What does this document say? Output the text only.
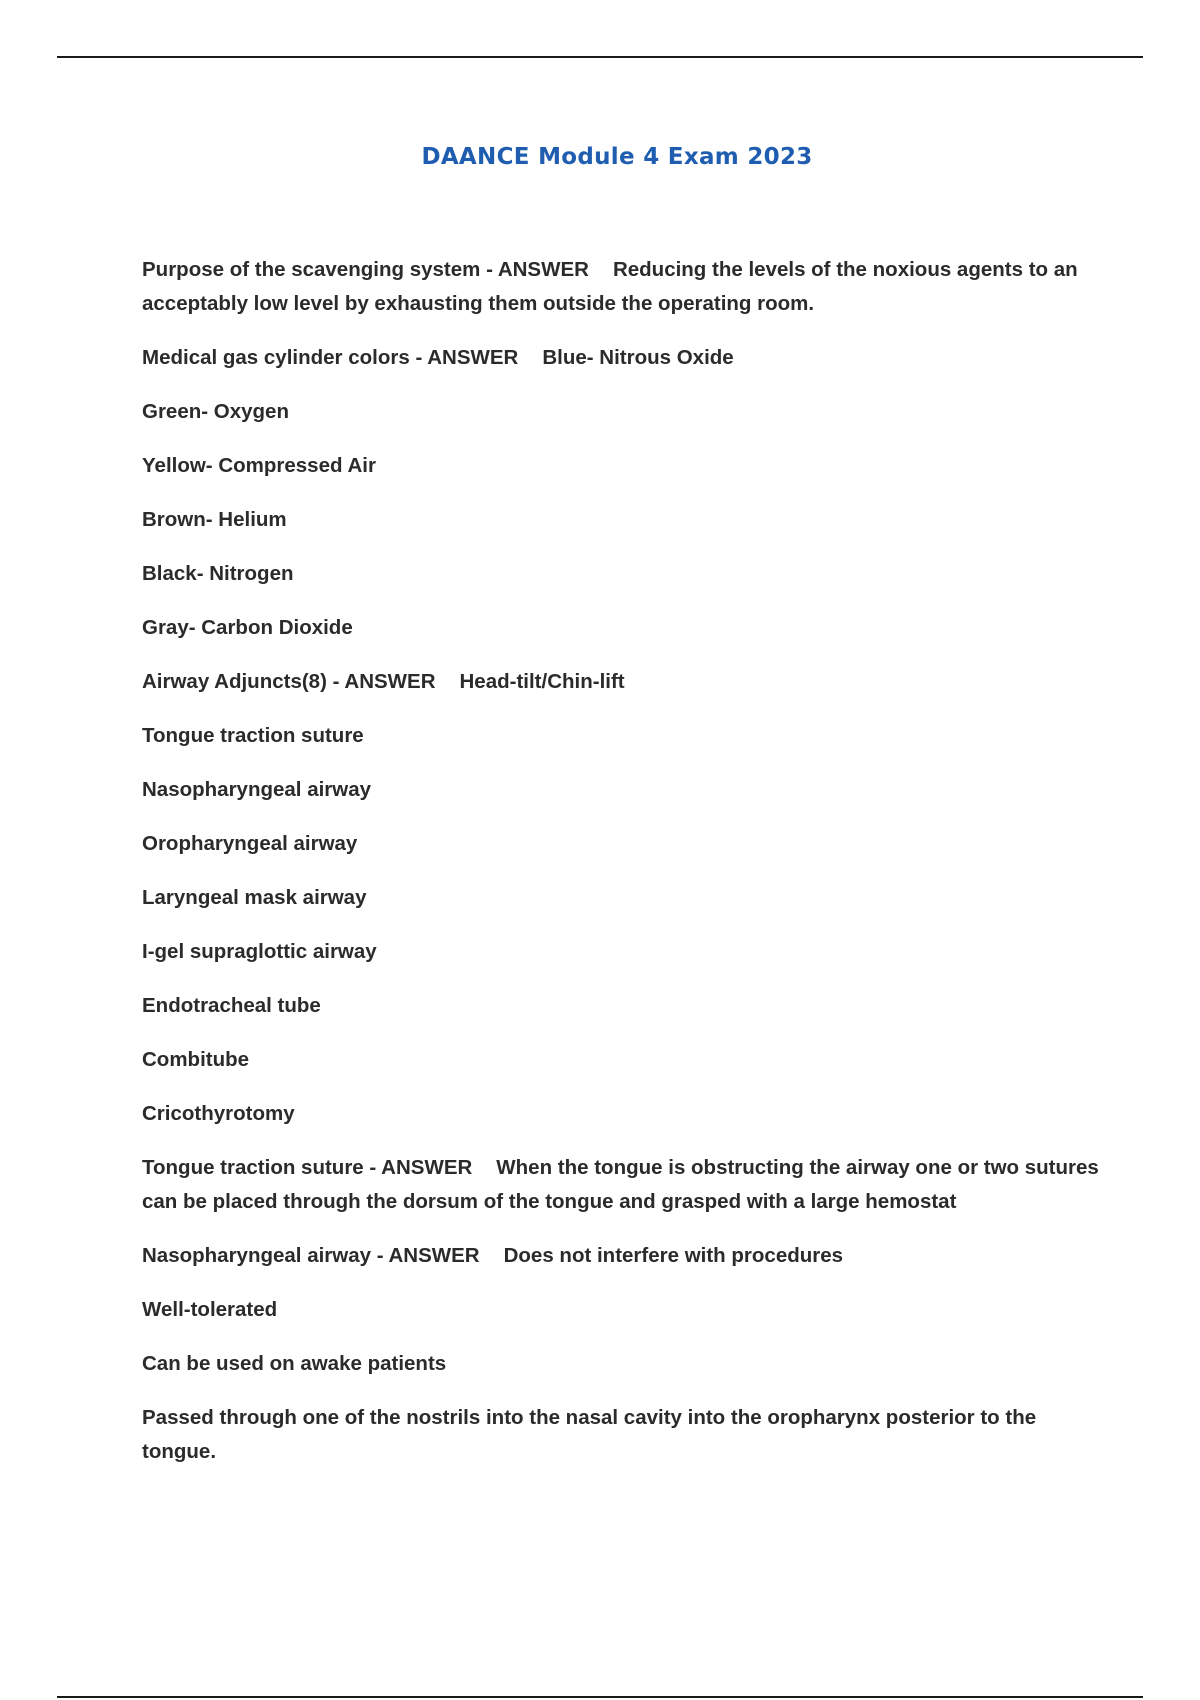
DAANCE Module 4 Exam 2023

Purpose of the scavenging system - ANSWER Reducing the levels of the noxious agents to an acceptably low level by exhausting them outside the operating room.

Medical gas cylinder colors - ANSWER Blue- Nitrous Oxide

Green- Oxygen

Yellow- Compressed Air

Brown- Helium

Black- Nitrogen

Gray- Carbon Dioxide

Airway Adjuncts(8) - ANSWER Head-tilt/Chin-lift

Tongue traction suture

Nasopharyngeal airway

Oropharyngeal airway

Laryngeal mask airway

I-gel supraglottic airway

Endotracheal tube

Combitube

Cricothyrotomy

Tongue traction suture - ANSWER When the tongue is obstructing the airway one or two sutures can be placed through the dorsum of the tongue and grasped with a large hemostat

Nasopharyngeal airway - ANSWER Does not interfere with procedures

Well-tolerated

Can be used on awake patients

Passed through one of the nostrils into the nasal cavity into the oropharynx posterior to the tongue.
